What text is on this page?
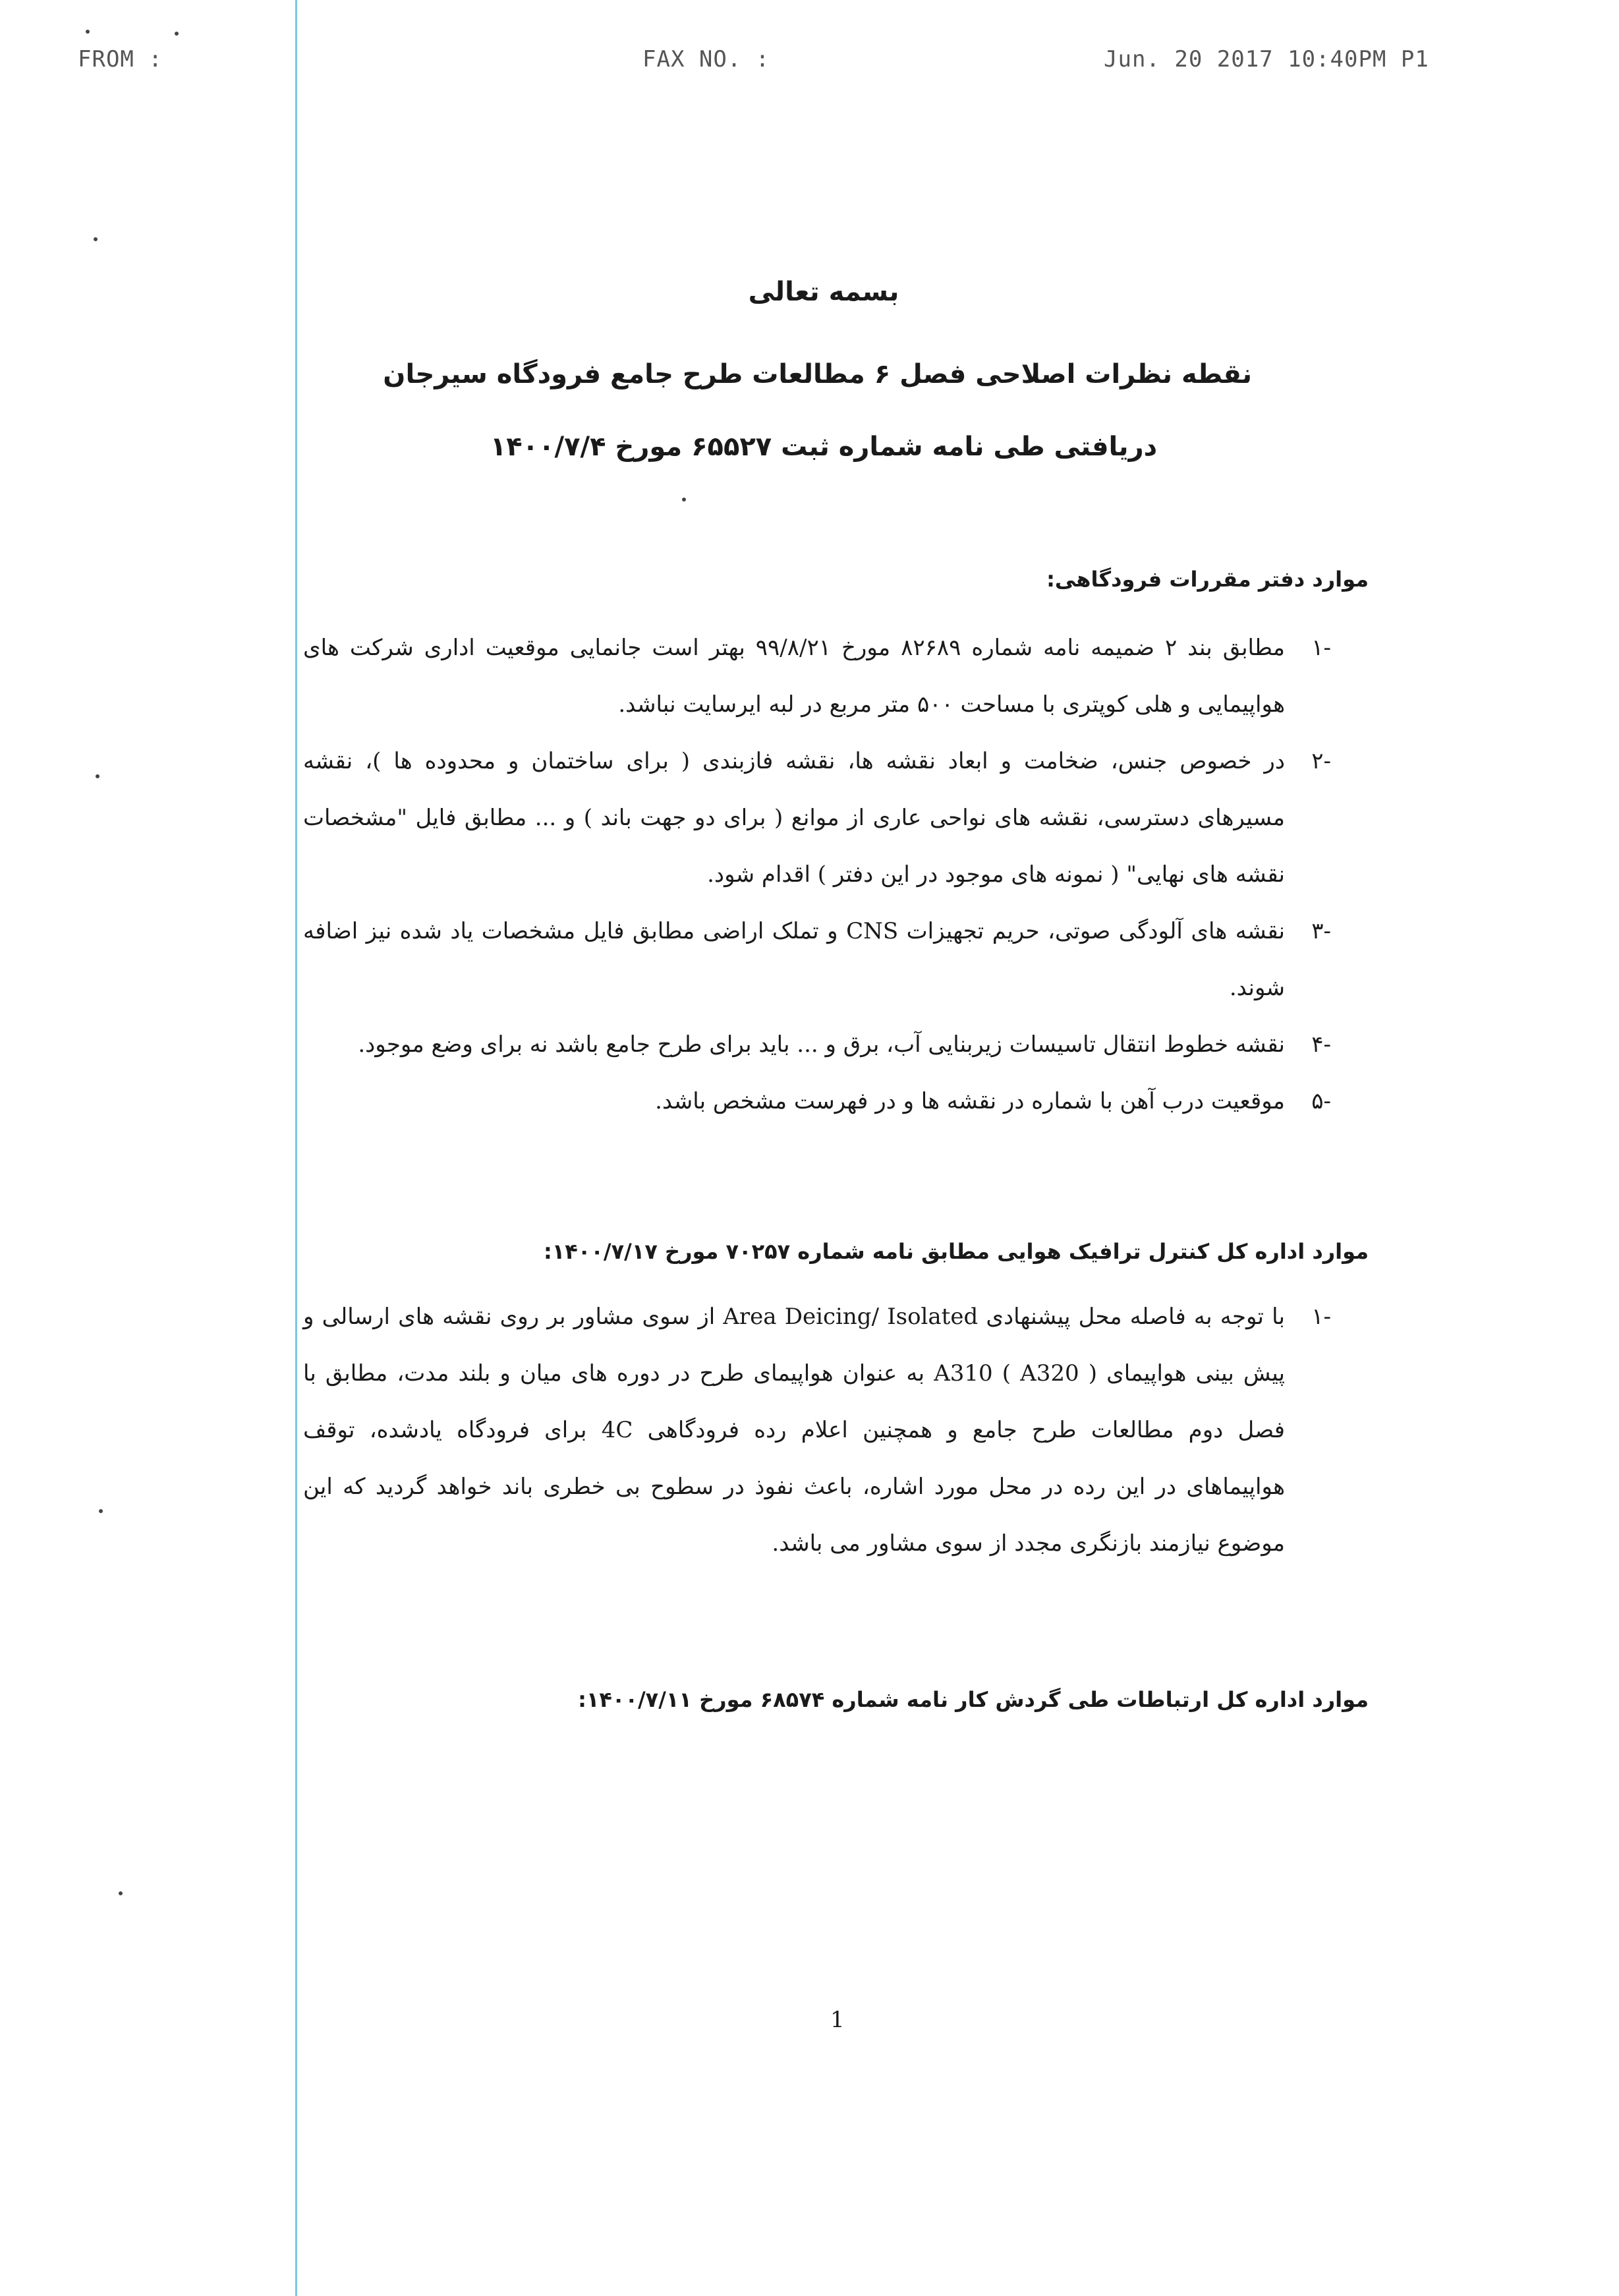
FROM :	FAX NO. :	Jun. 20 2017 10:40PM P1
بسمه تعالی
نقطه نظرات اصلاحی فصل ۶ مطالعات طرح جامع فرودگاه سیرجان
دریافتی طی نامه شماره ثبت ۶۵۵۲۷ مورخ ۱۴۰۰/۷/۴
موارد دفتر مقررات فرودگاهی:
-۱
مطابق بند ۲ ضمیمه نامه شماره ۸۲۶۸۹ مورخ ۹۹/۸/۲۱ بهتر است جانمایی موقعیت اداری شرکت های هواپیمایی و هلی کوپتری با مساحت ۵۰۰ متر مربع در لبه ایرسایت نباشد.
-۲
در خصوص جنس، ضخامت و ابعاد نقشه ها، نقشه فازبندی ( برای ساختمان و محدوده ها )، نقشه مسیرهای دسترسی، نقشه های نواحی عاری از موانع ( برای دو جهت باند ) و ... مطابق فایل "مشخصات نقشه های نهایی" ( نمونه های موجود در این دفتر ) اقدام شود.
-۳
نقشه های آلودگی صوتی، حریم تجهیزات CNS و تملک اراضی مطابق فایل مشخصات یاد شده نیز اضافه شوند.
-۴
نقشه خطوط انتقال تاسیسات زیربنایی آب، برق و ... باید برای طرح جامع باشد نه برای وضع موجود.
-۵
موقعیت درب آهن با شماره در نقشه ها و در فهرست مشخص باشد.
موارد اداره کل کنترل ترافیک هوایی مطابق نامه شماره ۷۰۲۵۷ مورخ ۱۴۰۰/۷/۱۷:
-۱
با توجه به فاصله محل پیشنهادی Area Deicing/ Isolated از سوی مشاور بر روی نقشه های ارسالی و پیش بینی هواپیمای A310 ( A320 ) به عنوان هواپیمای طرح در دوره های میان و بلند مدت، مطابق با فصل دوم مطالعات طرح جامع و همچنین اعلام رده فرودگاهی 4C برای فرودگاه یادشده، توقف هواپیماهای در این رده در محل مورد اشاره، باعث نفوذ در سطوح بی خطری باند خواهد گردید که این موضوع نیازمند بازنگری مجدد از سوی مشاور می باشد.
موارد اداره کل ارتباطات طی گردش کار نامه شماره ۶۸۵۷۴ مورخ ۱۴۰۰/۷/۱۱:
1
